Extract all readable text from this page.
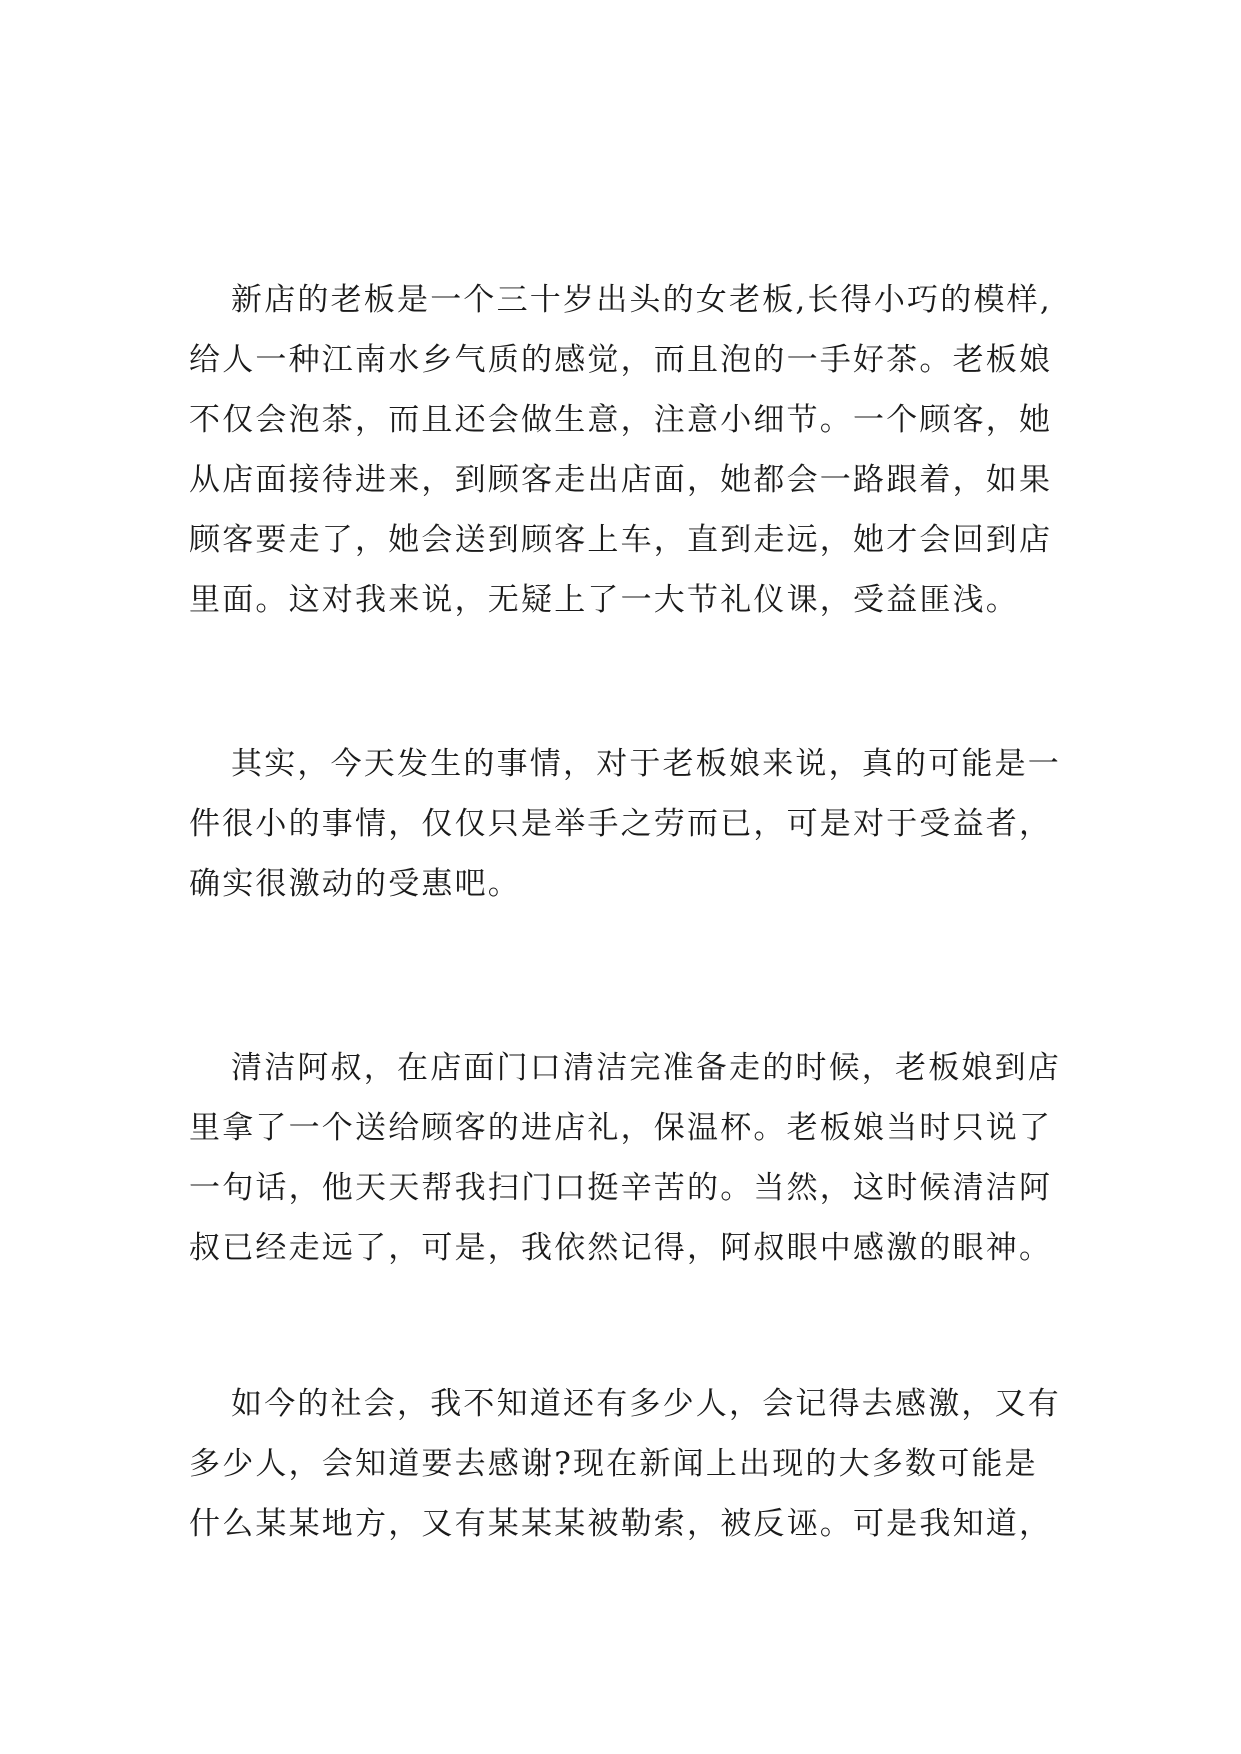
新店的老板是一个三十岁出头的女老板,长得小巧的模样,
给人一种江南水乡气质的感觉，而且泡的一手好茶。老板娘
不仅会泡茶，而且还会做生意，注意小细节。一个顾客，她
从店面接待进来，到顾客走出店面，她都会一路跟着，如果
顾客要走了，她会送到顾客上车，直到走远，她才会回到店
里面。这对我来说，无疑上了一大节礼仪课，受益匪浅。
其实，今天发生的事情，对于老板娘来说，真的可能是一
件很小的事情，仅仅只是举手之劳而已，可是对于受益者，
确实很激动的受惠吧。
清洁阿叔，在店面门口清洁完准备走的时候，老板娘到店
里拿了一个送给顾客的进店礼，保温杯。老板娘当时只说了
一句话，他天天帮我扫门口挺辛苦的。当然，这时候清洁阿
叔已经走远了，可是，我依然记得，阿叔眼中感激的眼神。
如今的社会，我不知道还有多少人，会记得去感激，又有
多少人，会知道要去感谢?现在新闻上出现的大多数可能是
什么某某地方，又有某某某被勒索，被反诬。可是我知道，
